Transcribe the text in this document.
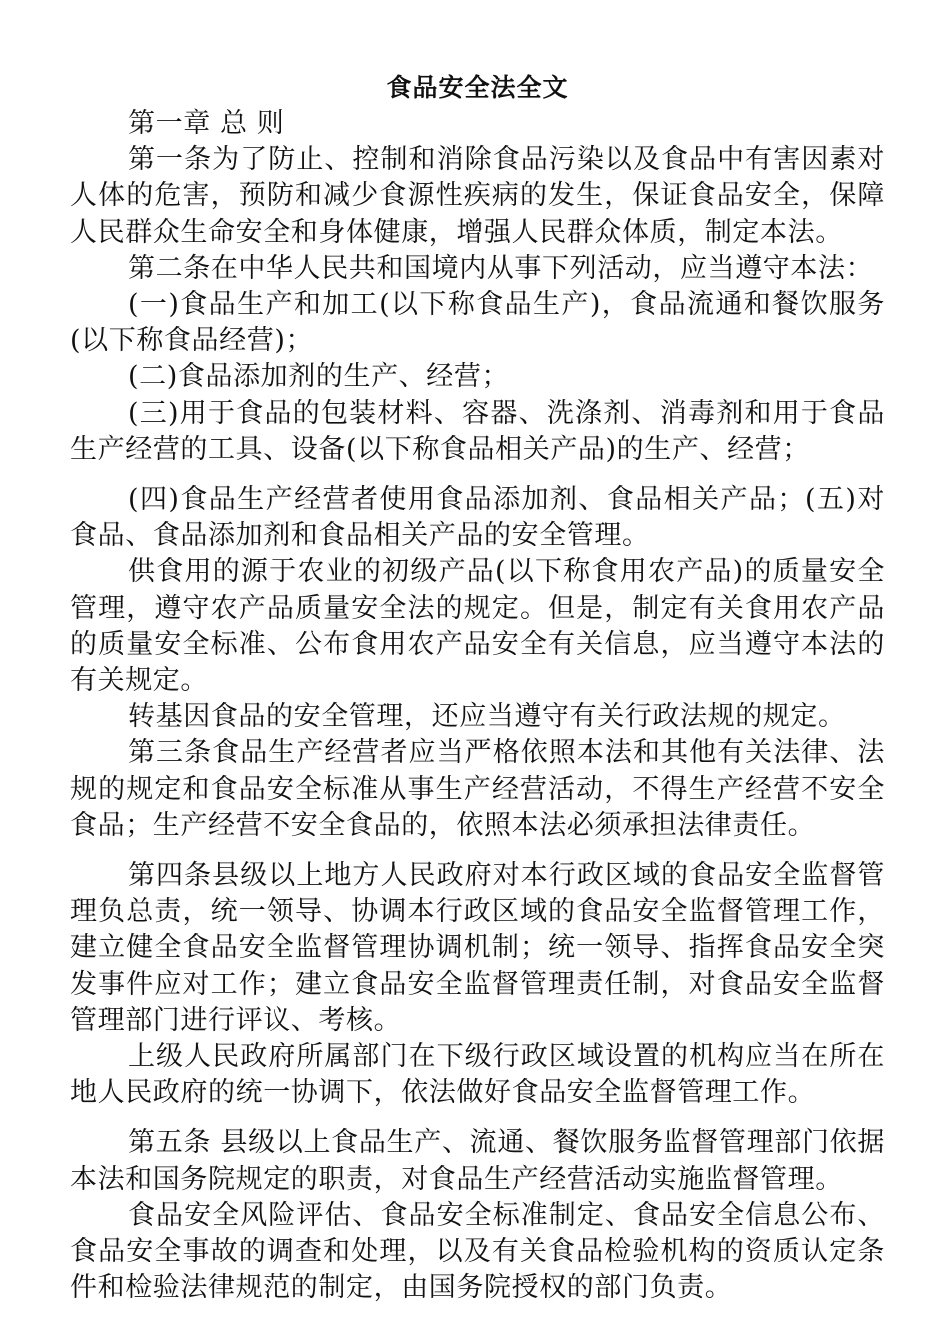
食品安全法全文

第一章 总 则

第一条为了防止、控制和消除食品污染以及食品中有害因素对人体的危害，预防和减少食源性疾病的发生，保证食品安全，保障人民群众生命安全和身体健康，增强人民群众体质，制定本法。

第二条在中华人民共和国境内从事下列活动，应当遵守本法：

(一)食品生产和加工(以下称食品生产)，食品流通和餐饮服务(以下称食品经营)；

(二)食品添加剂的生产、经营；

(三)用于食品的包装材料、容器、洗涤剂、消毒剂和用于食品生产经营的工具、设备(以下称食品相关产品)的生产、经营；

(四)食品生产经营者使用食品添加剂、食品相关产品；(五)对食品、食品添加剂和食品相关产品的安全管理。

供食用的源于农业的初级产品(以下称食用农产品)的质量安全管理，遵守农产品质量安全法的规定。但是，制定有关食用农产品的质量安全标准、公布食用农产品安全有关信息，应当遵守本法的有关规定。

转基因食品的安全管理，还应当遵守有关行政法规的规定。

第三条食品生产经营者应当严格依照本法和其他有关法律、法规的规定和食品安全标准从事生产经营活动，不得生产经营不安全食品；生产经营不安全食品的，依照本法必须承担法律责任。

第四条县级以上地方人民政府对本行政区域的食品安全监督管理负总责，统一领导、协调本行政区域的食品安全监督管理工作，建立健全食品安全监督管理协调机制；统一领导、指挥食品安全突发事件应对工作；建立食品安全监督管理责任制，对食品安全监督管理部门进行评议、考核。

上级人民政府所属部门在下级行政区域设置的机构应当在所在地人民政府的统一协调下，依法做好食品安全监督管理工作。

第五条 县级以上食品生产、流通、餐饮服务监督管理部门依据本法和国务院规定的职责，对食品生产经营活动实施监督管理。

食品安全风险评估、食品安全标准制定、食品安全信息公布、食品安全事故的调查和处理，以及有关食品检验机构的资质认定条件和检验法律规范的制定，由国务院授权的部门负责。
